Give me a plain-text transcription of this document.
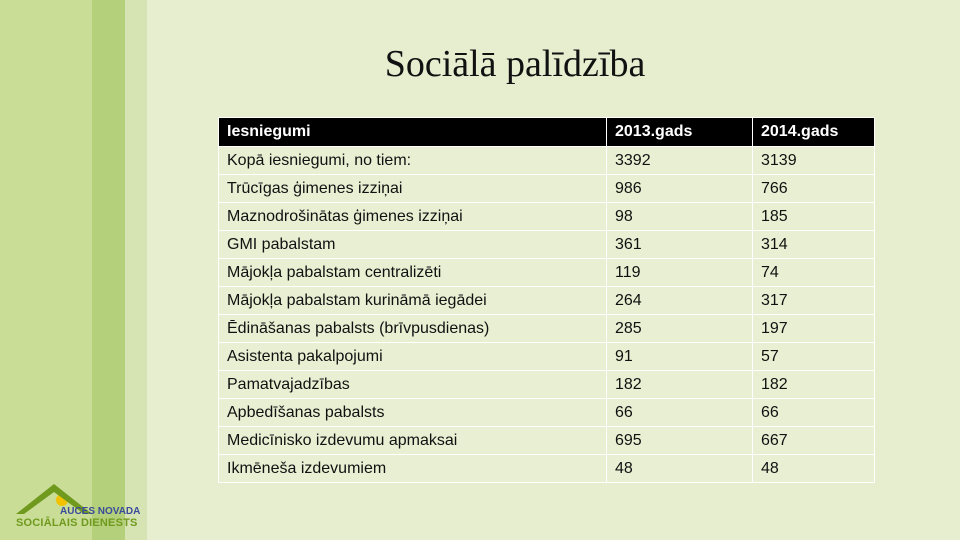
Sociālā palīdzība
Iesniegumi	2013.gads	2014.gads
Kopā iesniegumi, no tiem:	3392	3139
Trūcīgas ģimenes izziņai	986	766
Maznodrošinātas ģimenes izziņai	98	185
GMI pabalstam	361	314
Mājokļa pabalstam centralizēti	119	74
Mājokļa pabalstam kurināmā iegādei	264	317
Ēdināšanas pabalsts (brīvpusdienas)	285	197
Asistenta pakalpojumi	91	57
Pamatvajadzības	182	182
Apbedīšanas pabalsts	66	66
Medicīnisko izdevumu apmaksai	695	667
Ikmēneša izdevumiem	48	48
AUCES NOVADA
SOCIĀLAIS DIENESTS
